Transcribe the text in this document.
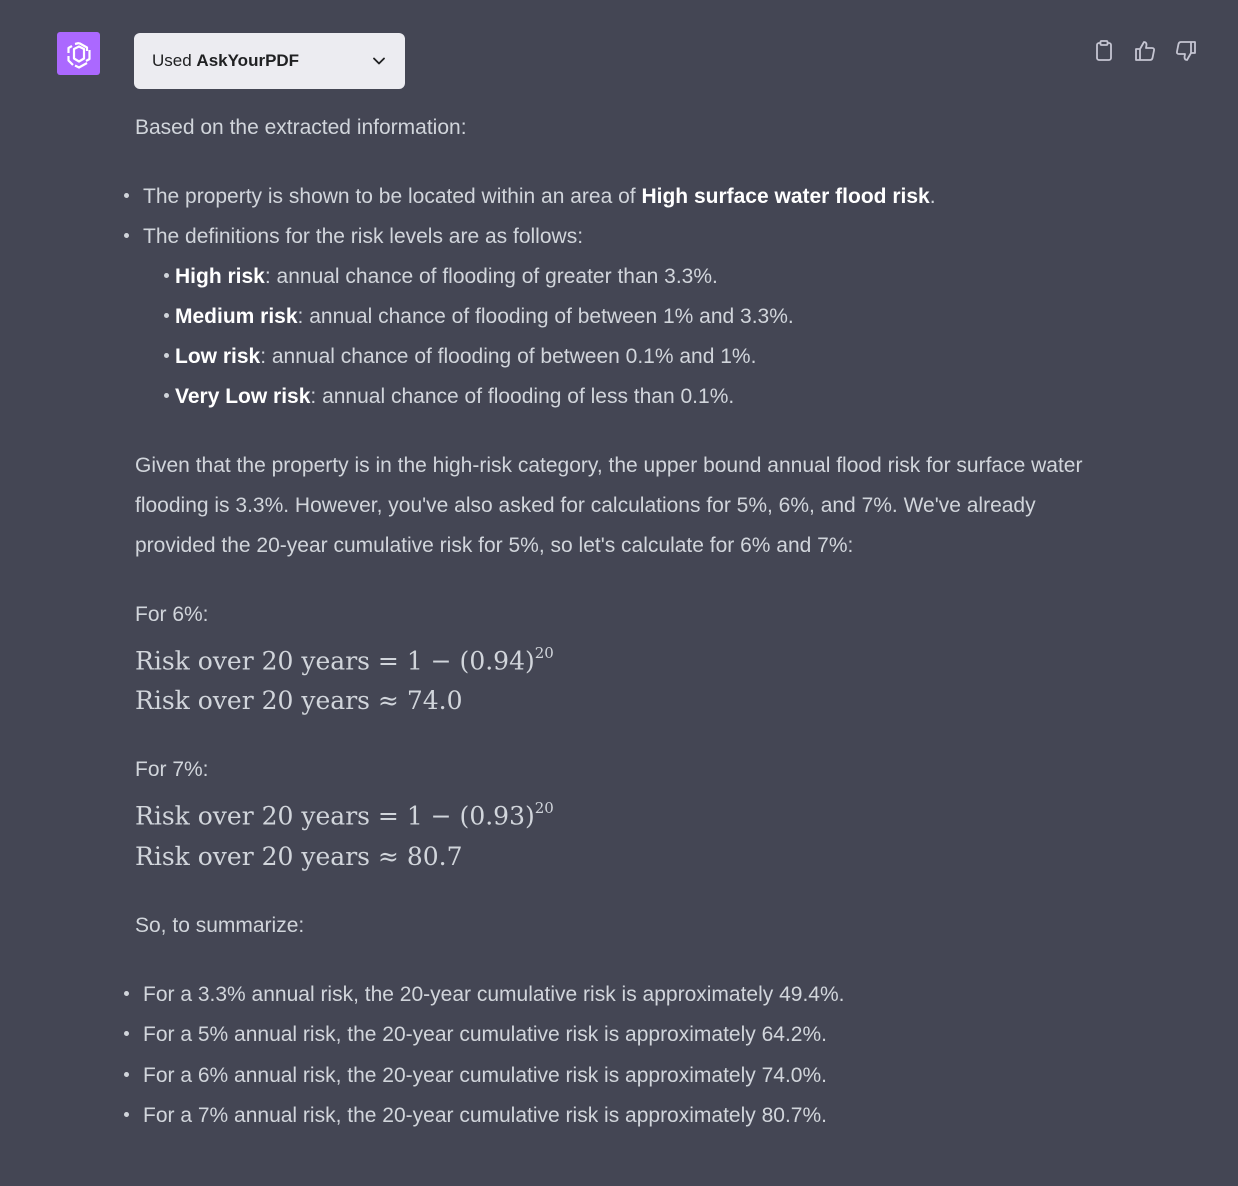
Used AskYourPDF

Based on the extracted information:

The property is shown to be located within an area of High surface water flood risk.
The definitions for the risk levels are as follows:
High risk: annual chance of flooding of greater than 3.3%.
Medium risk: annual chance of flooding of between 1% and 3.3%.
Low risk: annual chance of flooding of between 0.1% and 1%.
Very Low risk: annual chance of flooding of less than 0.1%.

Given that the property is in the high-risk category, the upper bound annual flood risk for surface water flooding is 3.3%. However, you've also asked for calculations for 5%, 6%, and 7%. We've already provided the 20-year cumulative risk for 5%, so let's calculate for 6% and 7%:

For 6%:

Risk over 20 years = $1 - (0.94)^{20}$
Risk over 20 years ≈ 74.0

For 7%:

Risk over 20 years = $1 - (0.93)^{20}$
Risk over 20 years ≈ 80.7

So, to summarize:

For a 3.3% annual risk, the 20-year cumulative risk is approximately 49.4%.
For a 5% annual risk, the 20-year cumulative risk is approximately 64.2%.
For a 6% annual risk, the 20-year cumulative risk is approximately 74.0%.
For a 7% annual risk, the 20-year cumulative risk is approximately 80.7%.
